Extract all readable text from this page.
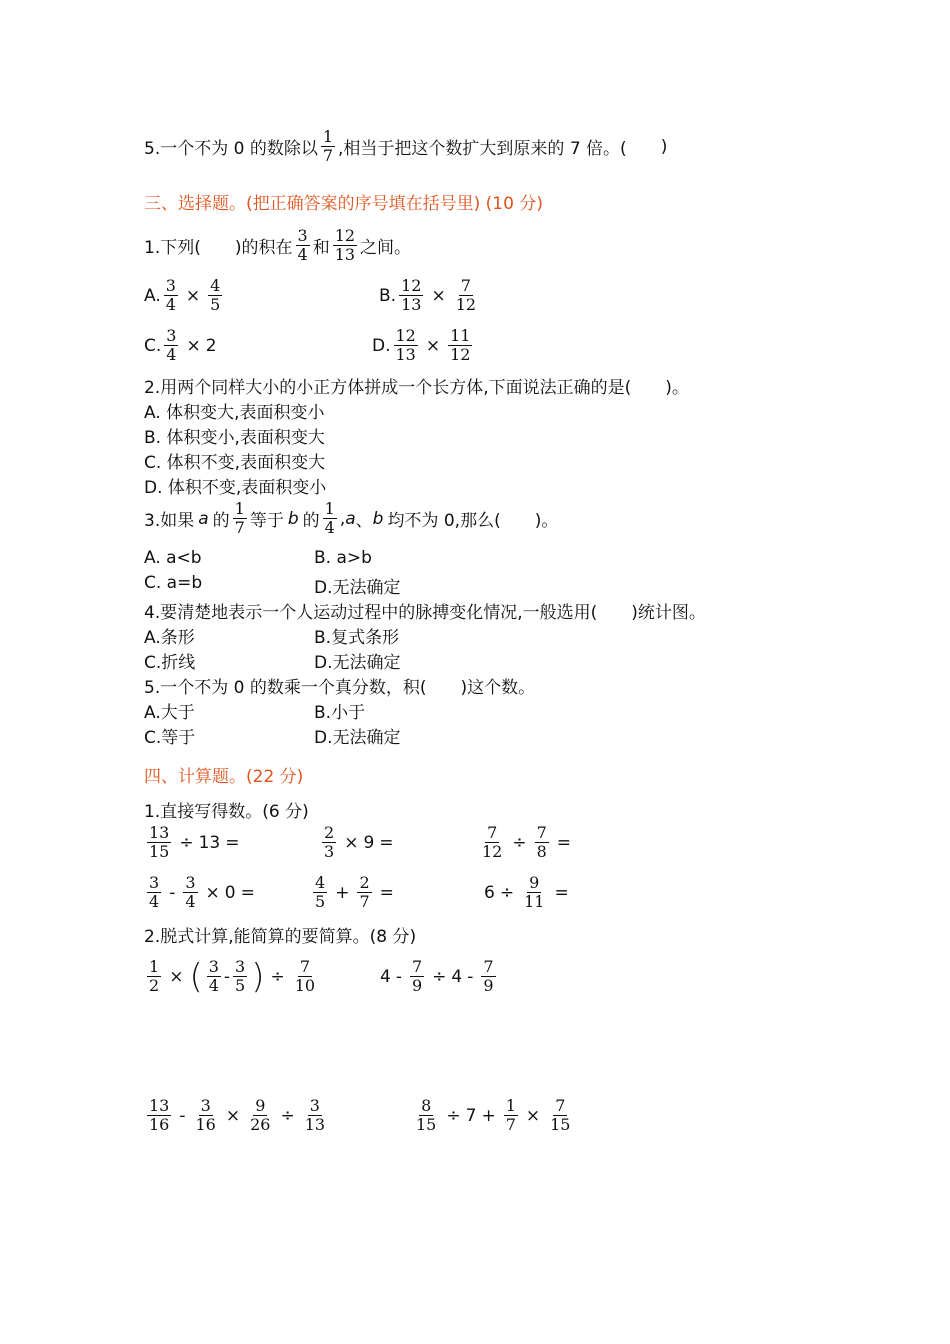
5.一个不为 0 的数除以 $\frac{1}{7}$ ,相当于把这个数扩大到原来的 7 倍。( )
三、选择题。(把正确答案的序号填在括号里) (10 分)
1.下列( )的积在 $\frac{3}{4}$ 和 $\frac{12}{13}$ 之间。
A. $\frac{3}{4} \times \frac{4}{5}$	B. $\frac{12}{13} \times \frac{7}{12}$
C. $\frac{3}{4} \times 2$	D. $\frac{12}{13} \times \frac{11}{12}$
2.用两个同样大小的小正方体拼成一个长方体,下面说法正确的是( )。
A. 体积变大,表面积变小
B. 体积变小,表面积变大
C. 体积不变,表面积变大
D. 体积不变,表面积变小
3.如果 a 的 $\frac{1}{7}$ 等于 b 的 $\frac{1}{4}$ , a 、 b 均不为 0,那么( )。
A. a<b	B. a>b
C. a=b	D.无法确定
4.要清楚地表示一个人运动过程中的脉搏变化情况,一般选用( )统计图。
A.条形	B.复式条形
C.折线	D.无法确定
5.一个不为 0 的数乘一个真分数，积( )这个数。
A.大于	B.小于
C.等于	D.无法确定
四、计算题。(22 分)
1.直接写得数。(6 分)
$\frac{13}{15} \div 13$ =	$\frac{2}{3} \times 9$ =	$\frac{7}{12} \div \frac{7}{8}$ =
$\frac{3}{4} - \frac{3}{4} \times 0$ =	$\frac{4}{5} + \frac{2}{7}$ =	$6 \div \frac{9}{11}$ =
2.脱式计算,能简算的要简算。(8 分)
$\frac{1}{2}$ × ( $\frac{3}{4} - \frac{3}{5}$ ) ÷ $\frac{7}{10}$	$4 - \frac{7}{9} \div 4 - \frac{7}{9}$
$\frac{13}{16} - \frac{3}{16} \times \frac{9}{26} \div \frac{3}{13}$	$\frac{8}{15} \div 7 + \frac{1}{7} \times \frac{7}{15}$
